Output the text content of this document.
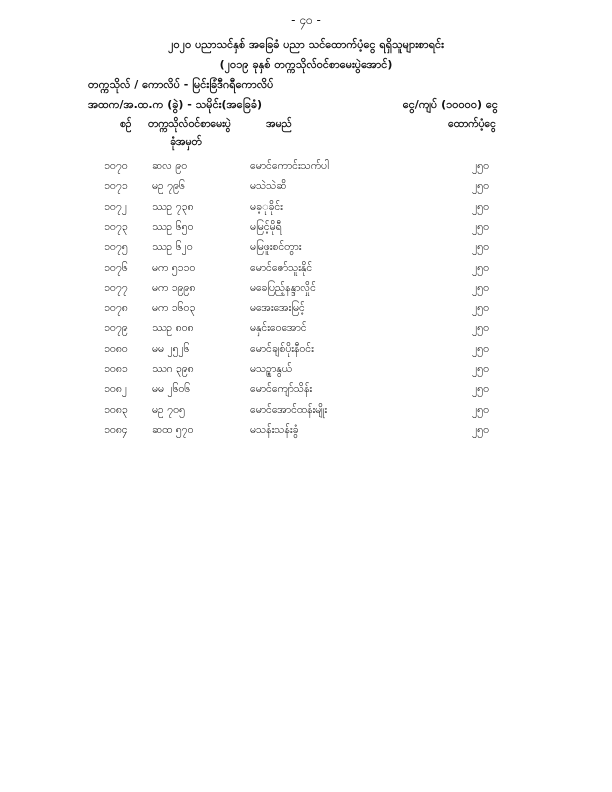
- ၄၀ -
၂၀၂၀ ပညာသင်နှစ် အခြေခံ ပညာ သင်ထောက်ပံ့ငွေ ရရှိသူများစာရင်း
(၂၀၁၉ ခုနှစ် တက္ကသိုလ်ဝင်စာမေးပွဲအောင်)
တက္ကသိုလ် / ကောလိပ် - မြင်းခြံဒီဂရီကောလိပ်
အထက/အ.ထ.က (ခွဲ) - သမိုင်း(အခြေခံ)	ငွေ/ကျပ် (၁၀၀၀၀) ငွေ
စဉ် တက္ကသိုလ်ဝင်စာမေးပွဲ	အမည်	ထောက်ပံ့ငွေ
ခုံအမှတ်
၁၀၇၀ ဆလ ၉၀	မောင်ကောင်းသက်ပါ	၂၅၀
၁၀၇၁ မဥ ၇၉၆	မသဲသဲဆိ	၂၅၀
၁၀၇၂ ဿဥ ၇၃၈	မခ့ုခိုင်း	၂၅၀
၁၀၇၃ ဿဥ ၆၅၀	မမြင့်မိုရီ	၂၅၀
၁၀၇၅ ဿဥ ၆၂၀	မမြဖူးစင်တွား	၂၅၀
၁၀၇၆ မက ၅၁၁၀	မောင်ဇော်သူးနိုင်	၂၅၀
၁၀၇၇ မက ၁၉၉၈	မခေပြည့်နန္ဒာလှိုင်	၂၅၀
၁၀၇၈ မက ၁၆၀၃	မအေးအေးမြင့်	၂၅၀
၁၀၇၉ ဿဥ ၈၀၈	မနှင်းဝေအောင်	၂၅၀
၁၀၈၀ မမ ၂၅၂၆	မောင်ချစ်ပိုးနီဝင်း	၂၅၀
၁၀၈၁ ဿဂ ၃၉၈	မသဉ္စာနွယ်	၂၅၀
၁၀၈၂ မမ ၂၆၀၆	မောင်ကျော်သိန်း	၂၅၀
၁၀၈၃ မဥ ၇၀၅	မောင်အောင်ထန်းမျိုး	၂၅၀
၁၀၈၄ ဆထ ၅၇၀	မသန်းသန်းခွံ	၂၅၀
